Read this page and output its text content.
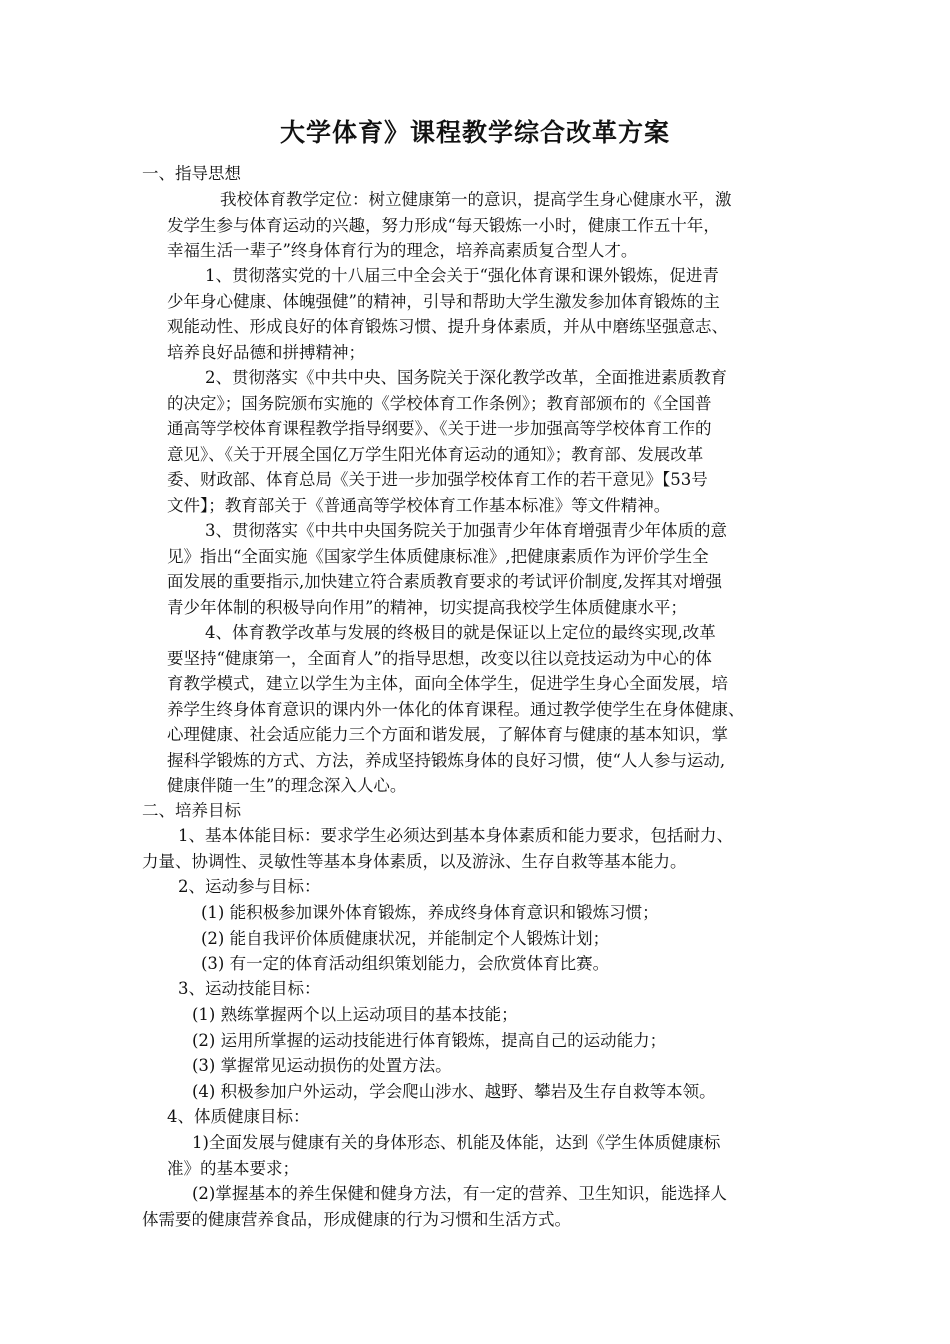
大学体育》课程教学综合改革方案
一、指导思想
我校体育教学定位：树立健康第一的意识，提高学生身心健康水平，激
发学生参与体育运动的兴趣，努力形成“每天锻炼一小时，健康工作五十年，
幸福生活一辈子”终身体育行为的理念，培养高素质复合型人才。
1、贯彻落实党的十八届三中全会关于“强化体育课和课外锻炼，促进青
少年身心健康、体魄强健”的精神，引导和帮助大学生激发参加体育锻炼的主
观能动性、形成良好的体育锻炼习惯、提升身体素质，并从中磨练坚强意志、
培养良好品德和拼搏精神；
2、贯彻落实《中共中央、国务院关于深化教学改革，全面推进素质教育
的决定》；国务院颁布实施的《学校体育工作条例》；教育部颁布的《全国普
通高等学校体育课程教学指导纲要》、《关于进一步加强高等学校体育工作的
意见》、《关于开展全国亿万学生阳光体育运动的通知》；教育部、发展改革
委、财政部、体育总局《关于进一步加强学校体育工作的若干意见》【53号
文件】；教育部关于《普通高等学校体育工作基本标准》等文件精神。
3、贯彻落实《中共中央国务院关于加强青少年体育增强青少年体质的意
见》指出“全面实施《国家学生体质健康标准》,把健康素质作为评价学生全
面发展的重要指示,加快建立符合素质教育要求的考试评价制度,发挥其对增强
青少年体制的积极导向作用”的精神，切实提高我校学生体质健康水平；
4、体育教学改革与发展的终极目的就是保证以上定位的最终实现,改革
要坚持“健康第一，全面育人”的指导思想，改变以往以竞技运动为中心的体
育教学模式，建立以学生为主体，面向全体学生，促进学生身心全面发展，培
养学生终身体育意识的课内外一体化的体育课程。通过教学使学生在身体健康、
心理健康、社会适应能力三个方面和谐发展，了解体育与健康的基本知识，掌
握科学锻炼的方式、方法，养成坚持锻炼身体的良好习惯，使“人人参与运动,
健康伴随一生”的理念深入人心。
二、培养目标
1、基本体能目标：要求学生必须达到基本身体素质和能力要求，包括耐力、
力量、协调性、灵敏性等基本身体素质，以及游泳、生存自救等基本能力。
2、运动参与目标：
(1) 能积极参加课外体育锻炼，养成终身体育意识和锻炼习惯；
(2) 能自我评价体质健康状况，并能制定个人锻炼计划；
(3) 有一定的体育活动组织策划能力，会欣赏体育比赛。
3、运动技能目标：
(1) 熟练掌握两个以上运动项目的基本技能；
(2) 运用所掌握的运动技能进行体育锻炼，提高自己的运动能力；
(3) 掌握常见运动损伤的处置方法。
(4) 积极参加户外运动，学会爬山涉水、越野、攀岩及生存自救等本领。
4、体质健康目标：
1)全面发展与健康有关的身体形态、机能及体能，达到《学生体质健康标
准》的基本要求；
(2)掌握基本的养生保健和健身方法，有一定的营养、卫生知识，能选择人
体需要的健康营养食品，形成健康的行为习惯和生活方式。
